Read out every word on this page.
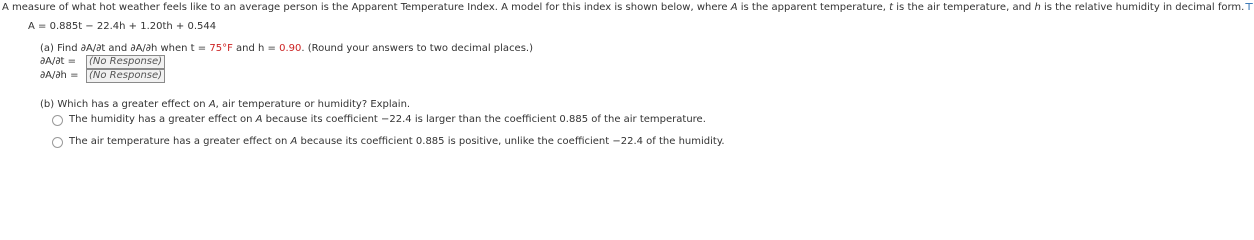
A measure of what hot weather feels like to an average person is the Apparent Temperature Index. A model for this index is shown below, where A is the apparent temperature, t is the air temperature, and h is the relative humidity in decimal form.⊤
A = 0.885t − 22.4h + 1.20th + 0.544
(a) Find ∂A/∂t and ∂A/∂h when t = 75°F and h = 0.90. (Round your answers to two decimal places.)
∂A/∂t =	(No Response)
∂A/∂h =	(No Response)
(b) Which has a greater effect on A, air temperature or humidity? Explain.
The humidity has a greater effect on A because its coefficient −22.4 is larger than the coefficient 0.885 of the air temperature.
The air temperature has a greater effect on A because its coefficient 0.885 is positive, unlike the coefficient −22.4 of the humidity.
